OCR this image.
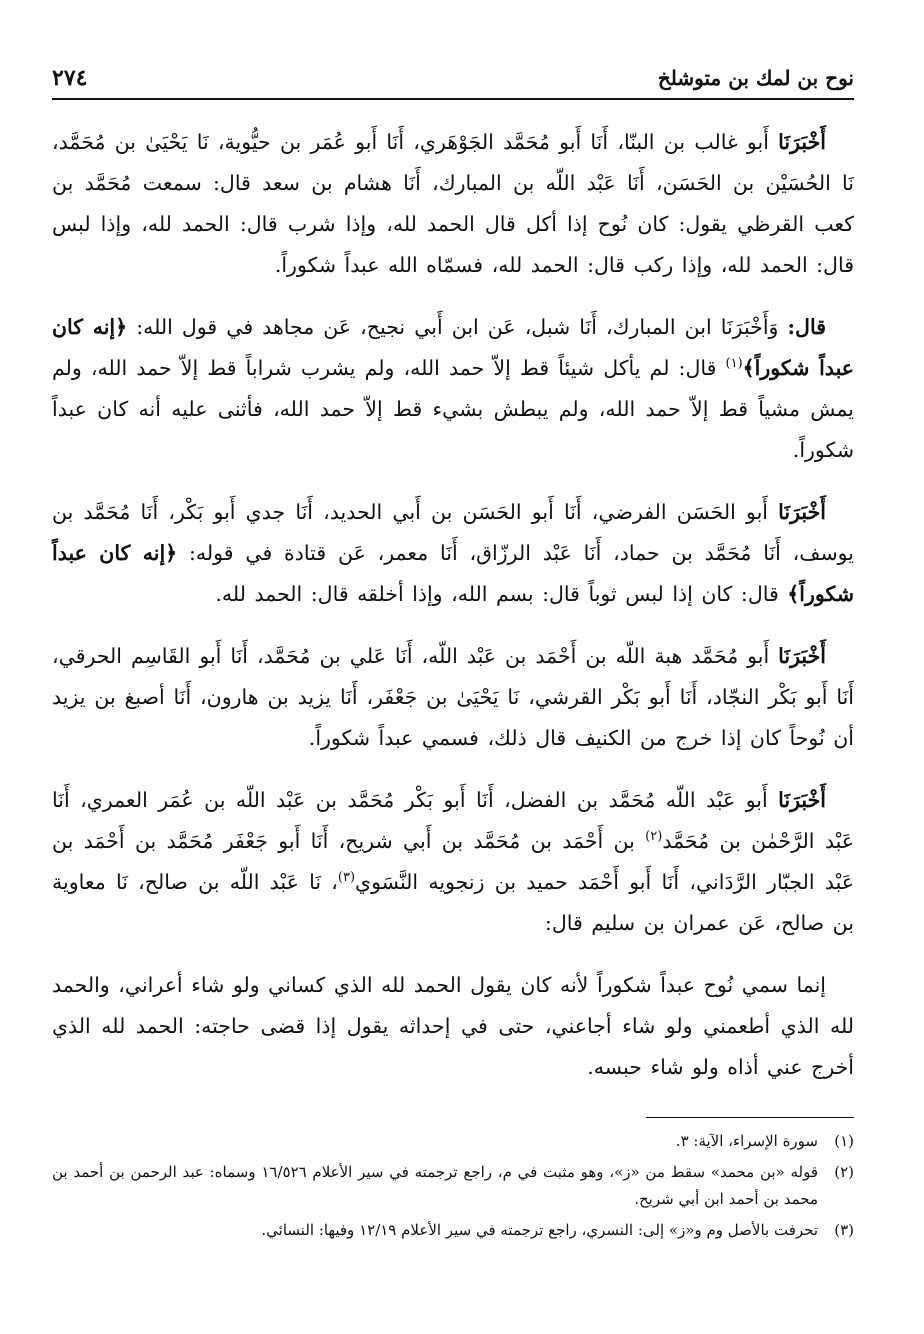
نوح بن لمك بن متوشلخ
٢٧٤

أَخْبَرَنَا أَبو غالب بن البنّا، أَنَا أَبو مُحَمَّد الجَوْهَري، أَنَا أَبو عُمَر بن حيُّوية، نَا يَحْيَىٰ بن مُحَمَّد، نَا الحُسَيْن بن الحَسَن، أَنَا عَبْد اللّه بن المبارك، أَنَا هشام بن سعد قال: سمعت مُحَمَّد بن كعب القرظي يقول: كان نُوح إذا أكل قال الحمد لله، وإذا شرب قال: الحمد لله، وإذا لبس قال: الحمد لله، وإذا ركب قال: الحمد لله، فسمّاه الله عبداً شكوراً.

قال: وَأَخْبَرَنَا ابن المبارك، أَنَا شبل، عَن ابن أَبي نجيح، عَن مجاهد في قول الله: ﴿إنه كان عبداً شكوراً﴾$^{(١)}$ قال: لم يأكل شيئاً قط إلاّ حمد الله، ولم يشرب شراباً قط إلاّ حمد الله، ولم يمش مشياً قط إلاّ حمد الله، ولم يبطش بشيء قط إلاّ حمد الله، فأثنى عليه أنه كان عبداً شكوراً.

أَخْبَرَنَا أَبو الحَسَن الفرضي، أَنَا أَبو الحَسَن بن أَبي الحديد، أَنَا جدي أَبو بَكْر، أَنَا مُحَمَّد بن يوسف، أَنَا مُحَمَّد بن حماد، أَنَا عَبْد الرزّاق، أَنَا معمر، عَن قتادة في قوله: ﴿إنه كان عبداً شكوراً﴾ قال: كان إذا لبس ثوباً قال: بسم الله، وإذا أخلقه قال: الحمد لله.

أَخْبَرَنَا أَبو مُحَمَّد هبة اللّه بن أَحْمَد بن عَبْد اللّه، أَنَا عَلي بن مُحَمَّد، أَنَا أَبو القَاسِم الحرقي، أَنَا أَبو بَكْر النجّاد، أَنَا أَبو بَكْر القرشي، نَا يَحْيَىٰ بن جَعْفَر، أَنَا يزيد بن هارون، أَنَا أصبغ بن يزيد أن نُوحاً كان إذا خرج من الكنيف قال ذلك، فسمي عبداً شكوراً.

أَخْبَرَنَا أَبو عَبْد اللّه مُحَمَّد بن الفضل، أَنَا أَبو بَكْر مُحَمَّد بن عَبْد اللّه بن عُمَر العمري، أَنَا عَبْد الرَّحْمٰن بن مُحَمَّد$^{(٢)}$ بن أَحْمَد بن مُحَمَّد بن أَبي شريح، أَنَا أَبو جَعْفَر مُحَمَّد بن أَحْمَد بن عَبْد الجبّار الرَّدَاني، أَنَا أَبو أَحْمَد حميد بن زنجويه النَّسَوي$^{(٣)}$، نَا عَبْد اللّه بن صالح، نَا معاوية بن صالح، عَن عمران بن سليم قال:

إنما سمي نُوح عبداً شكوراً لأنه كان يقول الحمد لله الذي كساني ولو شاء أعراني، والحمد لله الذي أطعمني ولو شاء أجاعني، حتى في إحداثه يقول إذا قضى حاجته: الحمد لله الذي أخرج عني أذاه ولو شاء حبسه.

(١)
سورة الإسراء، الآية: ٣.
(٢)
قوله «بن محمد» سقط من «ز»، وهو مثبت في م، راجع ترجمته في سير الأعلام ١٦/٥٢٦ وسماه: عبد الرحمن بن أحمد بن محمد بن أحمد ابن أبي شريح.
(٣)
تحرفت بالأصل وم و«ز» إلى: النسري، راجع ترجمته في سير الأعلام ١٢/١٩ وفيها: النسائي.
